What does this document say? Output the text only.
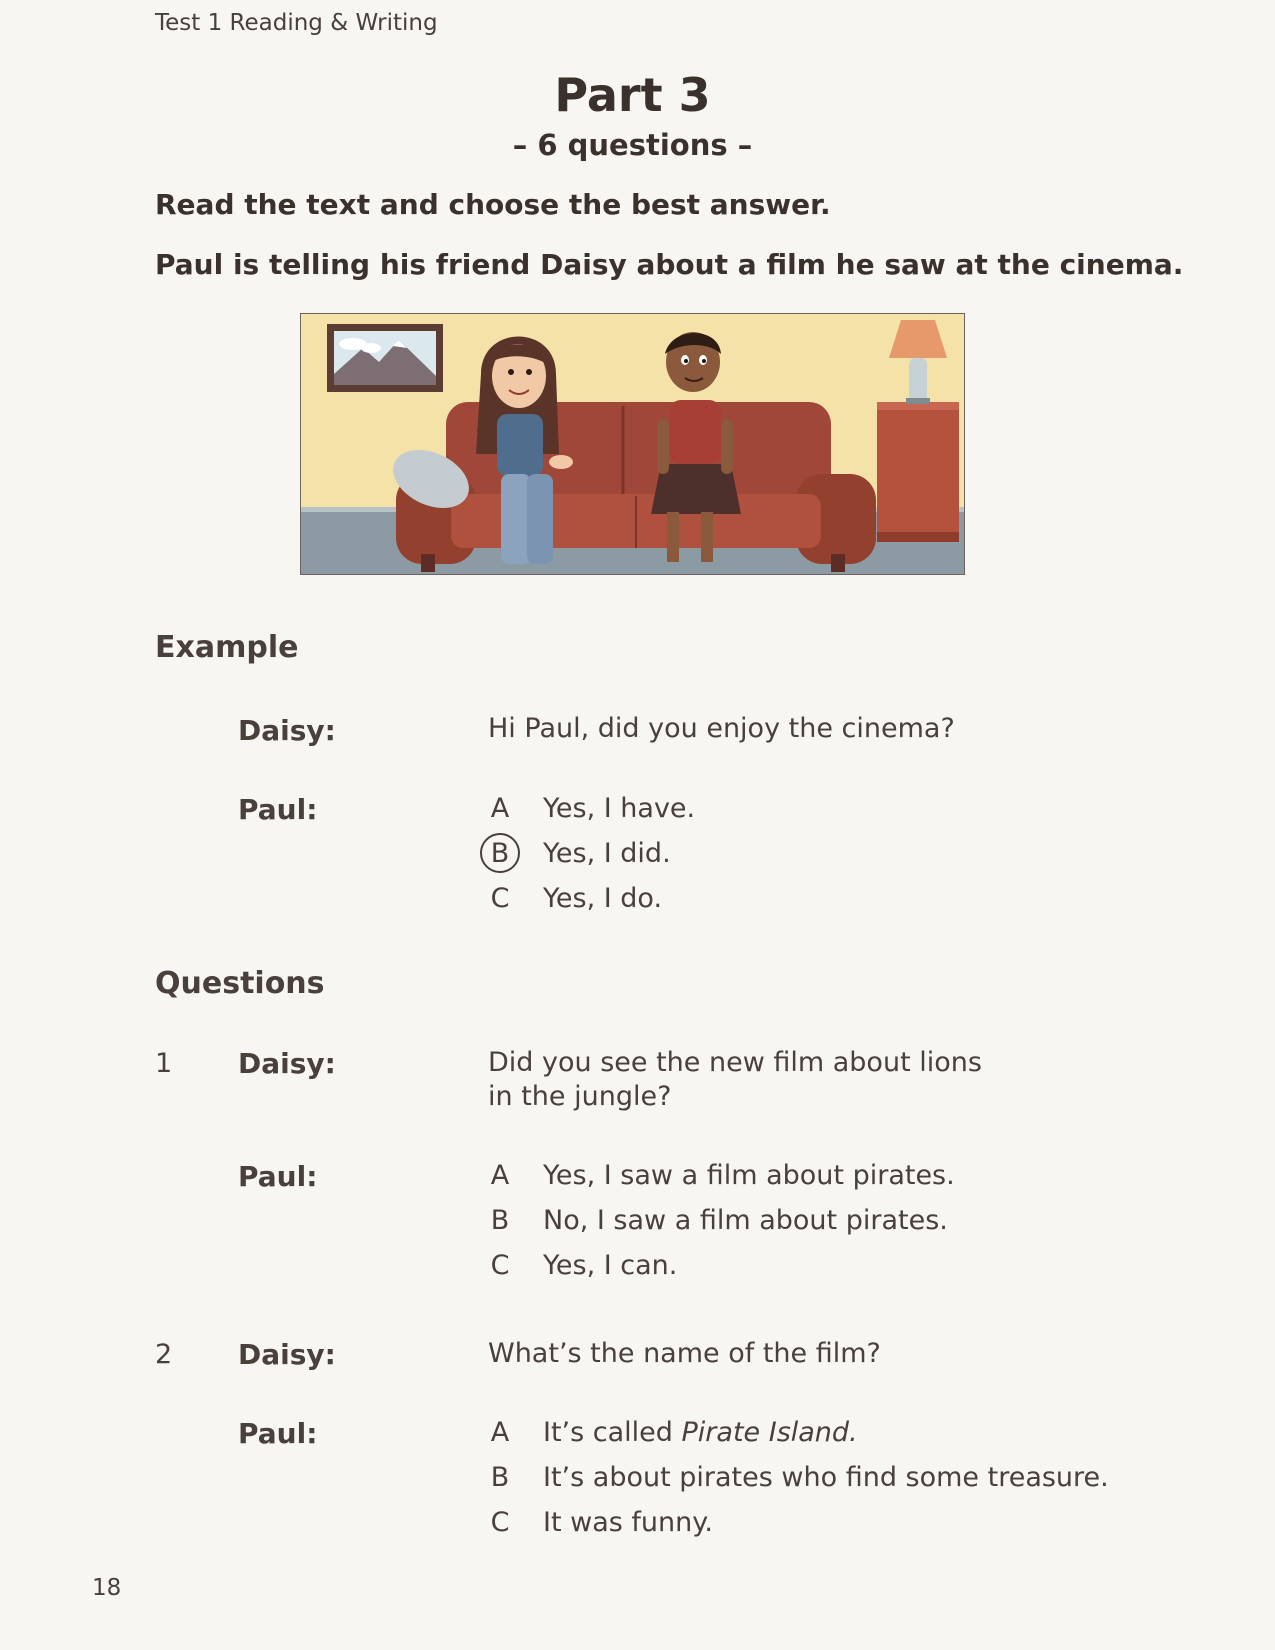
Test 1 Reading & Writing
Part 3
– 6 questions –
Read the text and choose the best answer.
Paul is telling his friend Daisy about a film he saw at the cinema.
Example
Daisy:	Hi Paul, did you enjoy the cinema?
Paul:	A Yes, I have.
B Yes, I did.
C Yes, I do.
Questions
1 Daisy:	Did you see the new film about lions
in the jungle?
Paul:	A Yes, I saw a film about pirates.
B No, I saw a film about pirates.
C Yes, I can.
2 Daisy:	What’s the name of the film?
Paul:	A It’s called Pirate Island.
B It’s about pirates who find some treasure.
C It was funny.
18
